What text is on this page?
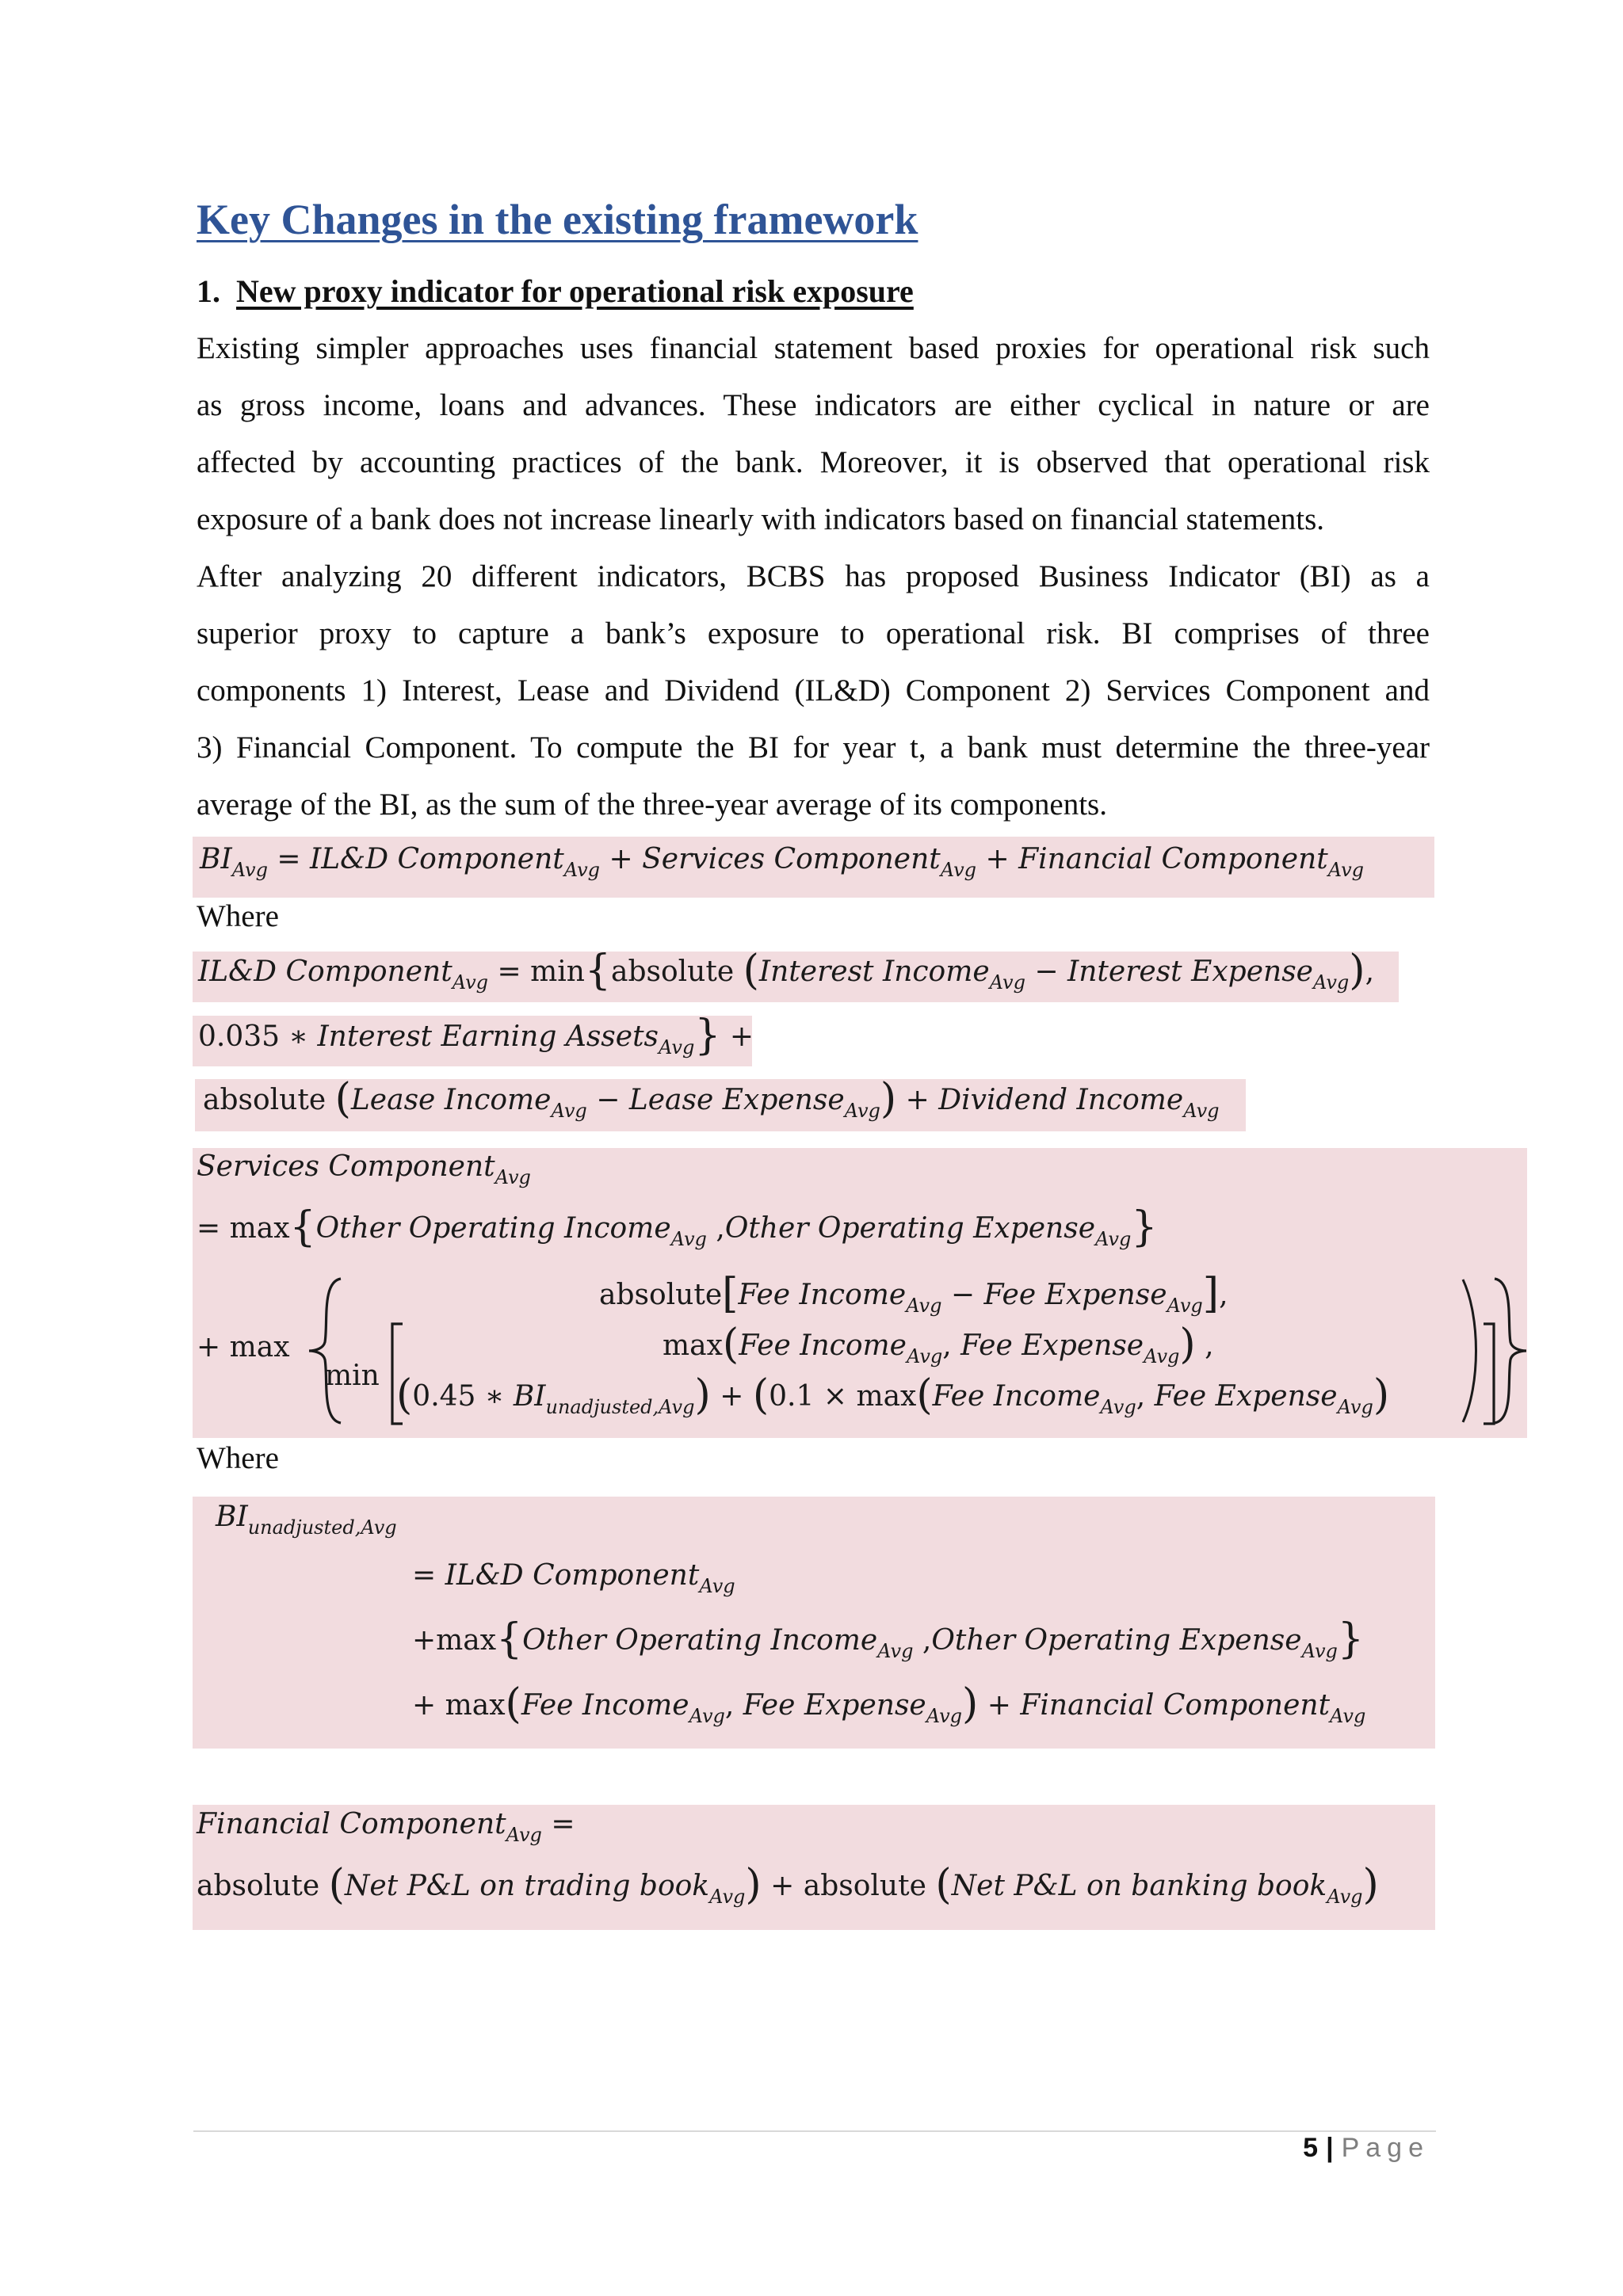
Key Changes in the existing framework
1. New proxy indicator for operational risk exposure
Existing simpler approaches uses financial statement based proxies for operational risk such
as gross income, loans and advances. These indicators are either cyclical in nature or are
affected by accounting practices of the bank. Moreover, it is observed that operational risk
exposure of a bank does not increase linearly with indicators based on financial statements.
After analyzing 20 different indicators, BCBS has proposed Business Indicator (BI) as a
superior proxy to capture a bank’s exposure to operational risk. BI comprises of three
components 1) Interest, Lease and Dividend (IL&D) Component 2) Services Component and
3) Financial Component. To compute the BI for year t, a bank must determine the three-year
average of the BI, as the sum of the three-year average of its components.
$BI_{Avg}$ = IL&D Component$_{Avg}$ + Services Component$_{Avg}$ + Financial Component$_{Avg}$
Where
IL&D Component$_{Avg}$ = min{absolute (Interest Income$_{Avg}$ − Interest Expense$_{Avg}$),
0.035 ∗ Interest Earning Assets$_{Avg}$} +
absolute (Lease Income$_{Avg}$ − Lease Expense$_{Avg}$) + Dividend Income$_{Avg}$
Services Component$_{Avg}$
= max{Other Operating Income$_{Avg}$ ,Other Operating Expense$_{Avg}$}
+ max
min
absolute[Fee Income$_{Avg}$ − Fee Expense$_{Avg}$],
max(Fee Income$_{Avg}$, Fee Expense$_{Avg}$) ,
(0.45 ∗ $BI_{unadjusted,Avg}) + (0.1 \times \max(Fee$ Income$_{Avg}$, Fee Expense$_{Avg}$)
Where
$BI_{unadjusted,Avg}$
= IL&D Component$_{Avg}$
+max{Other Operating Income$_{Avg}$ ,Other Operating Expense$_{Avg}$}
+ max(Fee Income$_{Avg}$, Fee Expense$_{Avg}$) + Financial Component$_{Avg}$
Financial Component$_{Avg}$ =
absolute (Net P&L on trading book$_{Avg}$) + absolute (Net P&L on banking book$_{Avg}$)
5 | Page
